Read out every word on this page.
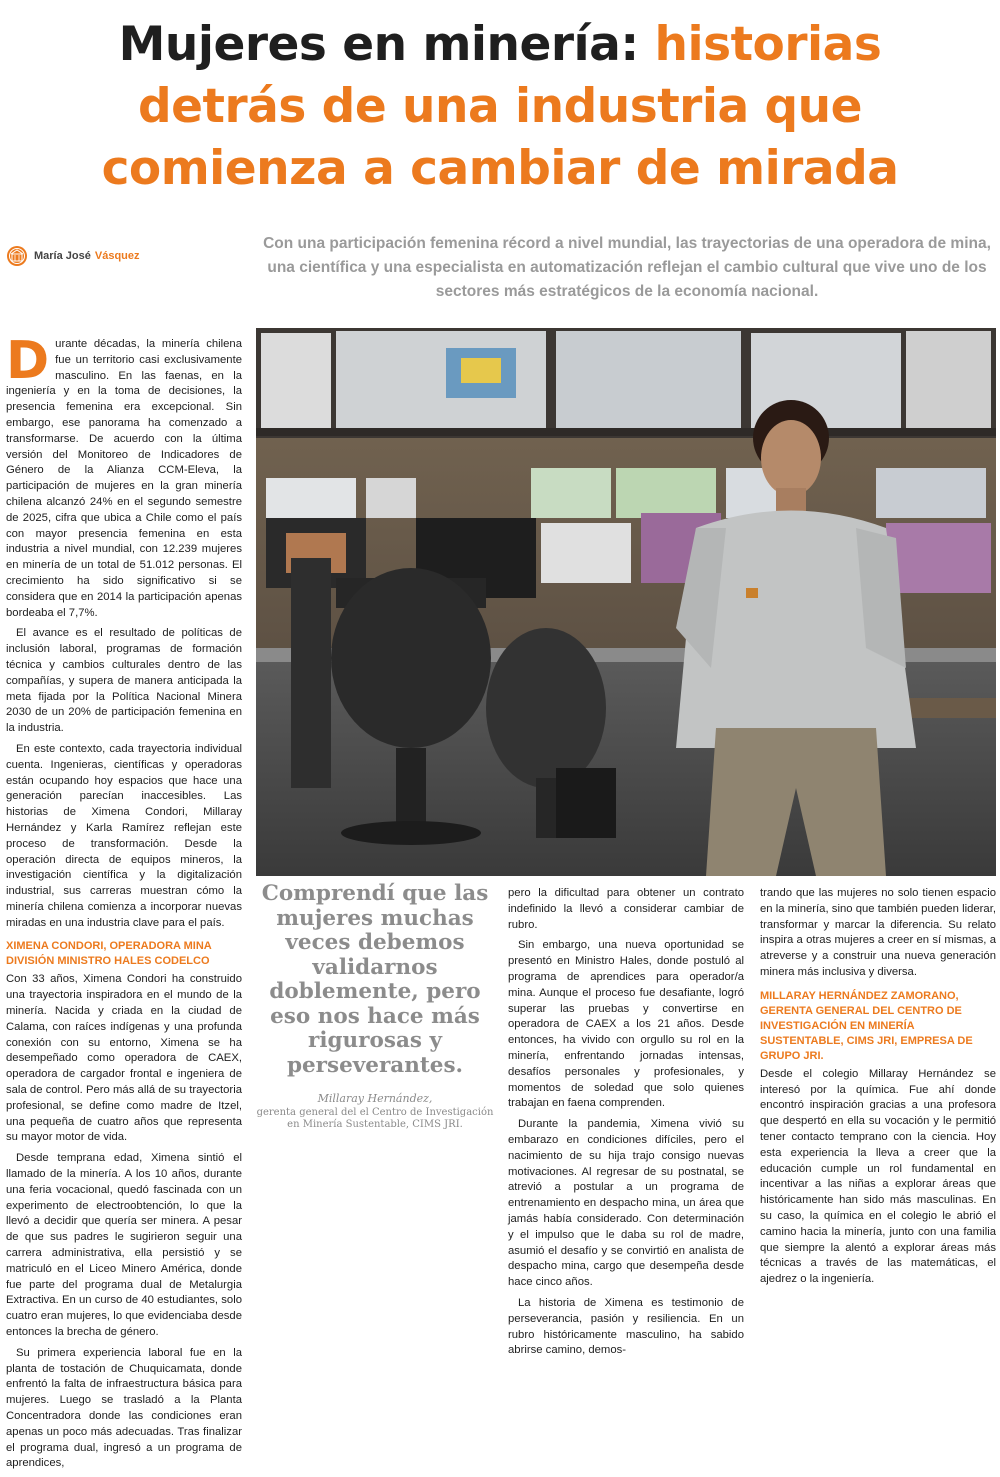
Mujeres en minería: historias
detrás de una industria que
comienza a cambiar de mirada
María José Vásquez

Con una participación femenina récord a nivel mundial, las trayectorias de una operadora de mina, una científica y una especialista en automatización reflejan el cambio cultural que vive uno de los sectores más estratégicos de la economía nacional.

Durante décadas, la minería chilena fue un territorio casi exclusivamente masculino. En las faenas, en la ingeniería y en la toma de decisiones, la presencia femenina era excepcional. Sin embargo, ese panorama ha comenzado a transformarse. De acuerdo con la última versión del Monitoreo de Indicadores de Género de la Alianza CCM-Eleva, la participación de mujeres en la gran minería chilena alcanzó 24% en el segundo semestre de 2025, cifra que ubica a Chile como el país con mayor presencia femenina en esta industria a nivel mundial, con 12.239 mujeres en minería de un total de 51.012 personas. El crecimiento ha sido significativo si se considera que en 2014 la participación apenas bordeaba el 7,7%.

El avance es el resultado de políticas de inclusión laboral, programas de formación técnica y cambios culturales dentro de las compañías, y supera de manera anticipada la meta fijada por la Política Nacional Minera 2030 de un 20% de participación femenina en la industria.

En este contexto, cada trayectoria individual cuenta. Ingenieras, científicas y operadoras están ocupando hoy espacios que hace una generación parecían inaccesibles. Las historias de Ximena Condori, Millaray Hernández y Karla Ramírez reflejan este proceso de transformación. Desde la operación directa de equipos mineros, la investigación científica y la digitalización industrial, sus carreras muestran cómo la minería chilena comienza a incorporar nuevas miradas en una industria clave para el país.

XIMENA CONDORI, OPERADORA MINA DIVISIÓN MINISTRO HALES CODELCO

Con 33 años, Ximena Condori ha construido una trayectoria inspiradora en el mundo de la minería. Nacida y criada en la ciudad de Calama, con raíces indígenas y una profunda conexión con su entorno, Ximena se ha desempeñado como operadora de CAEX, operadora de cargador frontal e ingeniera de sala de control. Pero más allá de su trayectoria profesional, se define como madre de Itzel, una pequeña de cuatro años que representa su mayor motor de vida.

Desde temprana edad, Ximena sintió el llamado de la minería. A los 10 años, durante una feria vocacional, quedó fascinada con un experimento de electroobtención, lo que la llevó a decidir que quería ser minera. A pesar de que sus padres le sugirieron seguir una carrera administrativa, ella persistió y se matriculó en el Liceo Minero América, donde fue parte del programa dual de Metalurgia Extractiva. En un curso de 40 estudiantes, solo cuatro eran mujeres, lo que evidenciaba desde entonces la brecha de género.

Su primera experiencia laboral fue en la planta de tostación de Chuquicamata, donde enfrentó la falta de infraestructura básica para mujeres. Luego se trasladó a la Planta Concentradora donde las condiciones eran apenas un poco más adecuadas. Tras finalizar el programa dual, ingresó a un programa de aprendices,

Comprendí que las mujeres muchas veces debemos validarnos doblemente, pero eso nos hace más rigurosas y perseverantes.

Millaray Hernández,
gerenta general del el Centro de Investigación en Minería Sustentable, CIMS JRI.

pero la dificultad para obtener un contrato indefinido la llevó a considerar cambiar de rubro.

Sin embargo, una nueva oportunidad se presentó en Ministro Hales, donde postuló al programa de aprendices para operador/a mina. Aunque el proceso fue desafiante, logró superar las pruebas y convertirse en operadora de CAEX a los 21 años. Desde entonces, ha vivido con orgullo su rol en la minería, enfrentando jornadas intensas, desafíos personales y profesionales, y momentos de soledad que solo quienes trabajan en faena comprenden.

Durante la pandemia, Ximena vivió su embarazo en condiciones difíciles, pero el nacimiento de su hija trajo consigo nuevas motivaciones. Al regresar de su postnatal, se atrevió a postular a un programa de entrenamiento en despacho mina, un área que jamás había considerado. Con determinación y el impulso que le daba su rol de madre, asumió el desafío y se convirtió en analista de despacho mina, cargo que desempeña desde hace cinco años.

La historia de Ximena es testimonio de perseverancia, pasión y resiliencia. En un rubro históricamente masculino, ha sabido abrirse camino, demos-

trando que las mujeres no solo tienen espacio en la minería, sino que también pueden liderar, transformar y marcar la diferencia. Su relato inspira a otras mujeres a creer en sí mismas, a atreverse y a construir una nueva generación minera más inclusiva y diversa.

MILLARAY HERNÁNDEZ ZAMORANO, GERENTA GENERAL DEL CENTRO DE INVESTIGACIÓN EN MINERÍA SUSTENTABLE, CIMS JRI, EMPRESA DE GRUPO JRI.

Desde el colegio Millaray Hernández se interesó por la química. Fue ahí donde encontró inspiración gracias a una profesora que despertó en ella su vocación y le permitió tener contacto temprano con la ciencia. Hoy esta experiencia la lleva a creer que la educación cumple un rol fundamental en incentivar a las niñas a explorar áreas que históricamente han sido más masculinas. En su caso, la química en el colegio le abrió el camino hacia la minería, junto con una familia que siempre la alentó a explorar áreas más técnicas a través de las matemáticas, el ajedrez o la ingeniería.
